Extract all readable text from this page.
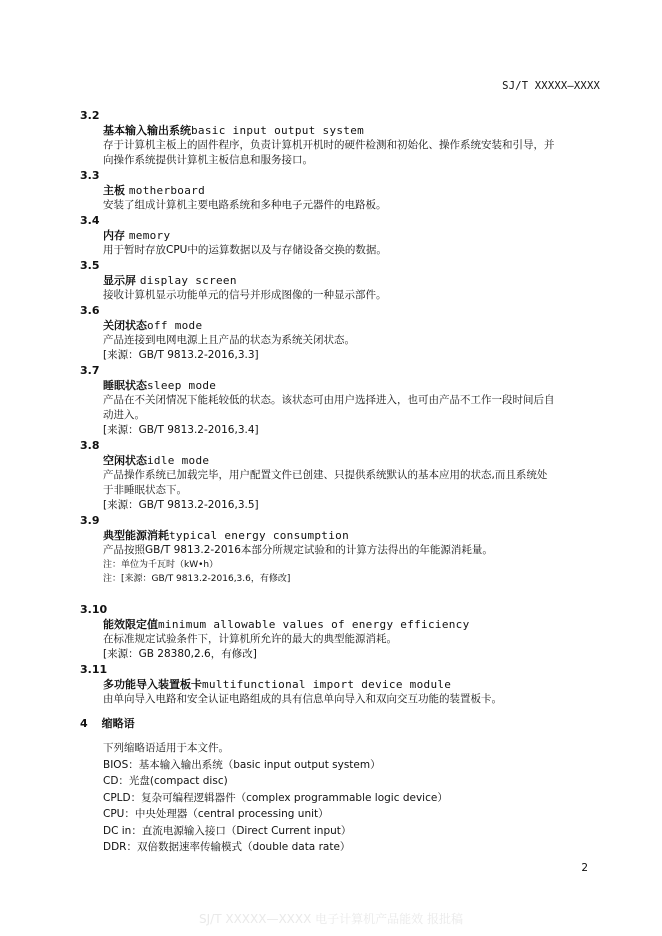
SJ/T XXXXX—XXXX
3.2
基本输入输出系统basic input output system
存于计算机主板上的固件程序，负责计算机开机时的硬件检测和初始化、操作系统安装和引导，并
向操作系统提供计算机主板信息和服务接口。
3.3
主板 motherboard
安装了组成计算机主要电路系统和多种电子元器件的电路板。
3.4
内存 memory
用于暂时存放CPU中的运算数据以及与存储设备交换的数据。
3.5
显示屏 display screen
接收计算机显示功能单元的信号并形成图像的一种显示部件。
3.6
关闭状态off mode
产品连接到电网电源上且产品的状态为系统关闭状态。
[来源：GB/T 9813.2-2016,3.3]
3.7
睡眠状态sleep mode
产品在不关闭情况下能耗较低的状态。该状态可由用户选择进入，也可由产品不工作一段时间后自
动进入。
[来源：GB/T 9813.2-2016,3.4]
3.8
空闲状态idle mode
产品操作系统已加载完毕，用户配置文件已创建、只提供系统默认的基本应用的状态,而且系统处
于非睡眠状态下。
[来源：GB/T 9813.2-2016,3.5]
3.9
典型能源消耗typical energy consumption
产品按照GB/T 9813.2-2016本部分所规定试验和的计算方法得出的年能源消耗量。
注：单位为千瓦时（kW•h）
注：[来源：GB/T 9813.2-2016,3.6，有修改]
3.10
能效限定值minimum allowable values of energy efficiency
在标准规定试验条件下，计算机所允许的最大的典型能源消耗。
[来源：GB 28380,2.6，有修改]
3.11
多功能导入装置板卡multifunctional import device module
由单向导入电路和安全认证电路组成的具有信息单向导入和双向交互功能的装置板卡。
4 缩略语
下列缩略语适用于本文件。
BIOS：基本输入输出系统（basic input output system）
CD：光盘(compact disc)
CPLD：复杂可编程逻辑器件（complex programmable logic device）
CPU：中央处理器（central processing unit）
DC in：直流电源输入接口（Direct Current input）
DDR：双倍数据速率传输模式（double data rate）
2
SJ/T XXXXX—XXXX 电子计算机产品能效 报批稿
